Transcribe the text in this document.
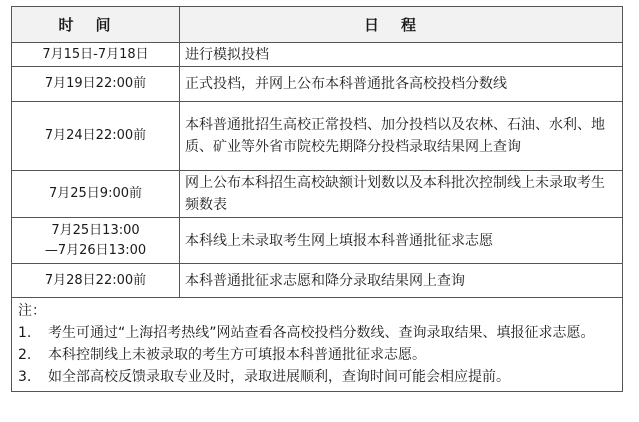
时间	日程
7月15日-7月18日	进行模拟投档
7月19日22:00前	正式投档，并网上公布本科普通批各高校投档分数线
7月24日22:00前	本科普通批招生高校正常投档、加分投档以及农林、石油、水利、地质、矿业等外省市院校先期降分投档录取结果网上查询
7月25日9:00前	网上公布本科招生高校缺额计划数以及本科批次控制线上未录取考生频数表

7月25日13:00
—7月26日13:00	本科线上未录取考生网上填报本科普通批征求志愿
7月28日22:00前	本科普通批征求志愿和降分录取结果网上查询

注：
1. 考生可通过“上海招考热线”网站查看各高校投档分数线、查询录取结果、填报征求志愿。
2. 本科控制线上未被录取的考生方可填报本科普通批征求志愿。
3. 如全部高校反馈录取专业及时，录取进展顺利，查询时间可能会相应提前。	
